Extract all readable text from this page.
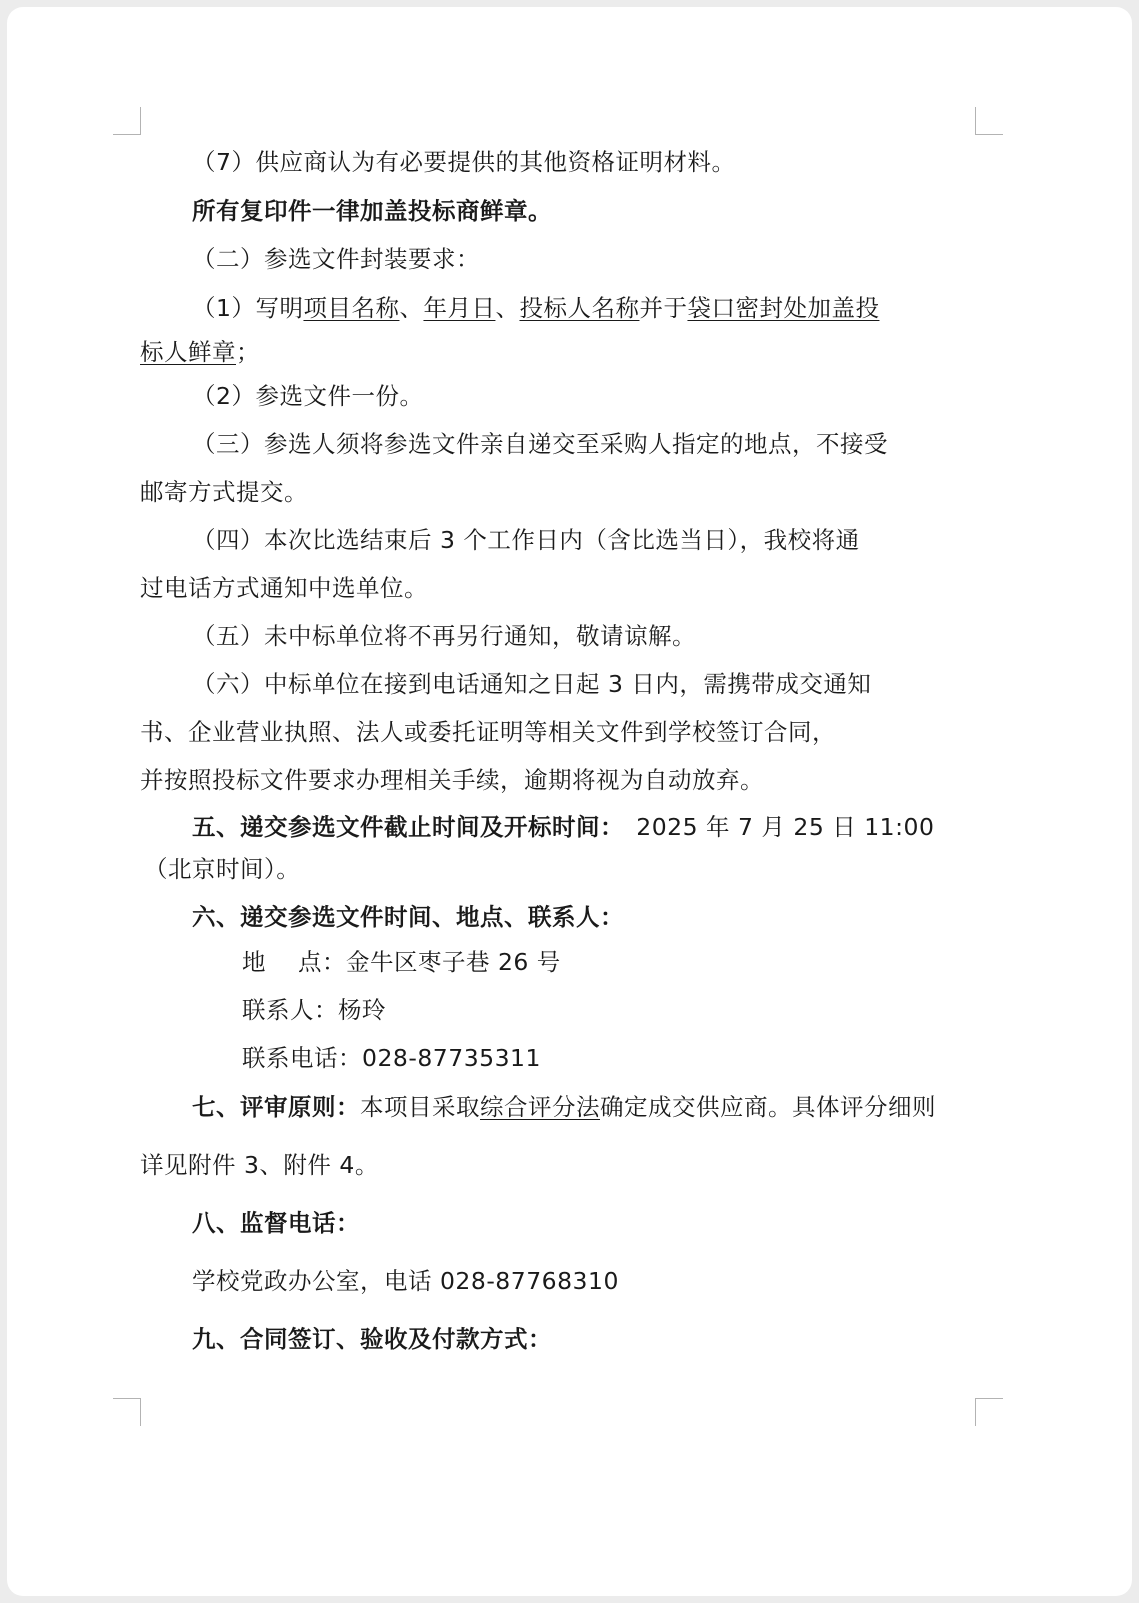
（7）供应商认为有必要提供的其他资格证明材料。
所有复印件一律加盖投标商鲜章。
（二）参选文件封装要求：
（1）写明项目名称、年月日、投标人名称并于袋口密封处加盖投
标人鲜章；
（2）参选文件一份。
（三）参选人须将参选文件亲自递交至采购人指定的地点，不接受
邮寄方式提交。
（四）本次比选结束后 3 个工作日内（含比选当日），我校将通
过电话方式通知中选单位。
（五）未中标单位将不再另行通知，敬请谅解。
（六）中标单位在接到电话通知之日起 3 日内，需携带成交通知
书、企业营业执照、法人或委托证明等相关文件到学校签订合同，
并按照投标文件要求办理相关手续，逾期将视为自动放弃。
五、递交参选文件截止时间及开标时间：  2025 年 7 月 25 日 11:00
（北京时间）。
六、递交参选文件时间、地点、联系人：
地　 点：金牛区枣子巷 26 号
联系人：杨玲
联系电话：028-87735311
七、评审原则：本项目采取综合评分法确定成交供应商。具体评分细则
详见附件 3、附件 4。
八、监督电话：
学校党政办公室，电话 028-87768310
九、合同签订、验收及付款方式：
